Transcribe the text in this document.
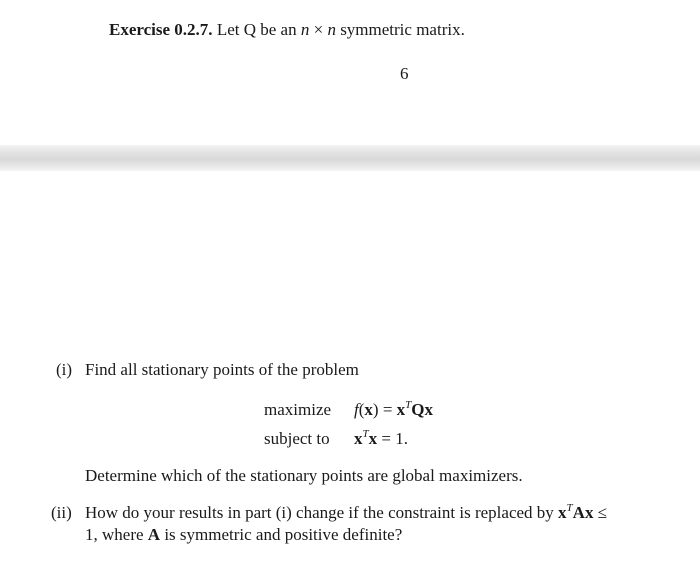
Exercise 0.2.7. Let Q be an n × n symmetric matrix.
6
(i) Find all stationary points of the problem
maximize $f(x) = x^TQx$
subject to $x^Tx = 1$.
Determine which of the stationary points are global maximizers.
(ii) How do your results in part (i) change if the constraint is replaced by $x^TAx$ ≤
1, where A is symmetric and positive definite?
